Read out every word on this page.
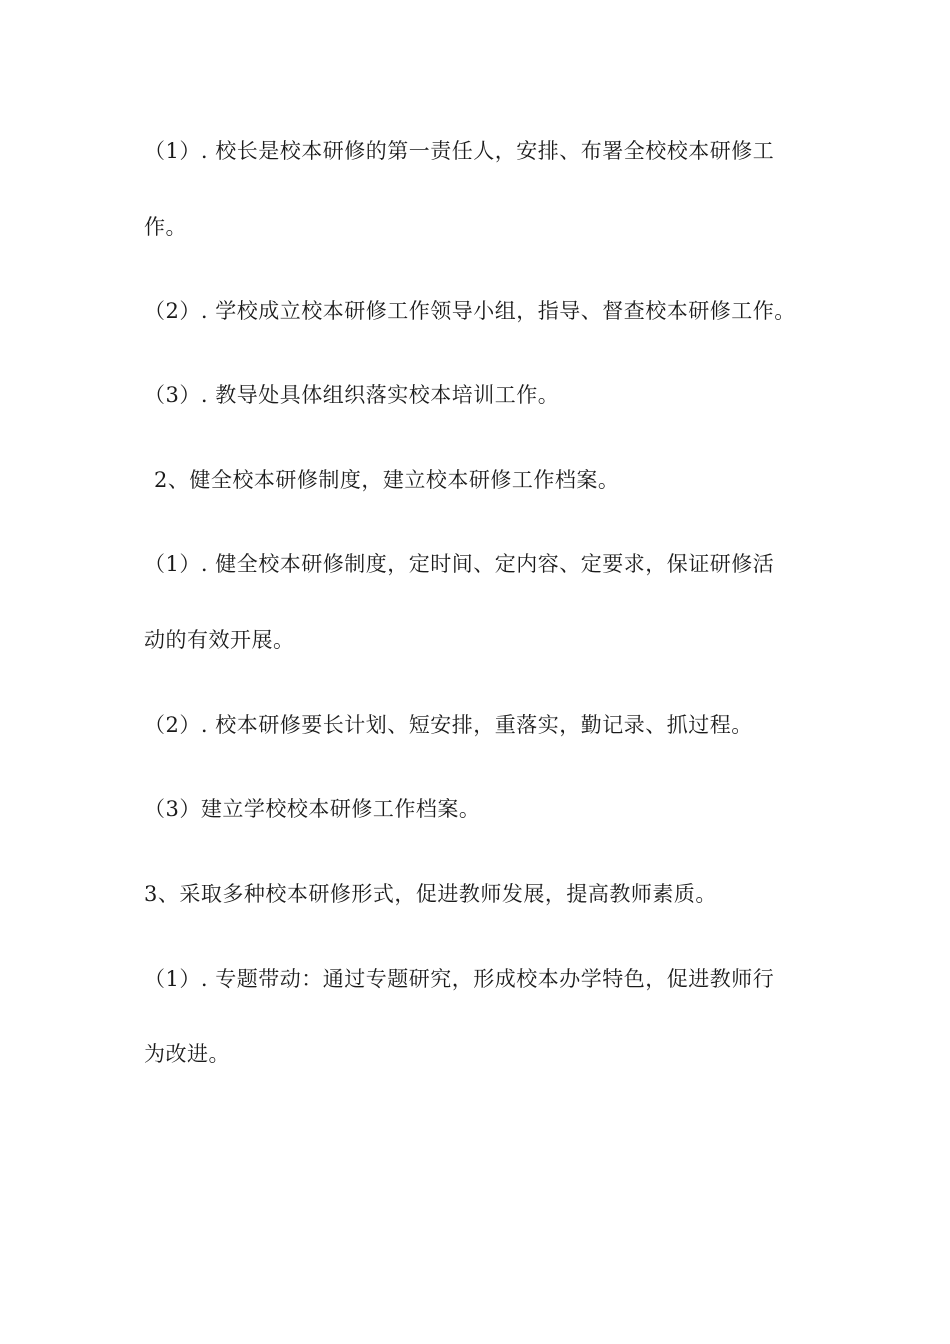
（1）. 校长是校本研修的第一责任人，安排、布署全校校本研修工
作。
（2）. 学校成立校本研修工作领导小组，指导、督查校本研修工作。
（3）. 教导处具体组织落实校本培训工作。
2、健全校本研修制度，建立校本研修工作档案。
（1）. 健全校本研修制度，定时间、定内容、定要求，保证研修活
动的有效开展。
（2）. 校本研修要长计划、短安排，重落实，勤记录、抓过程。
（3）建立学校校本研修工作档案。
3、采取多种校本研修形式，促进教师发展，提高教师素质。
（1）. 专题带动：通过专题研究，形成校本办学特色，促进教师行
为改进。
